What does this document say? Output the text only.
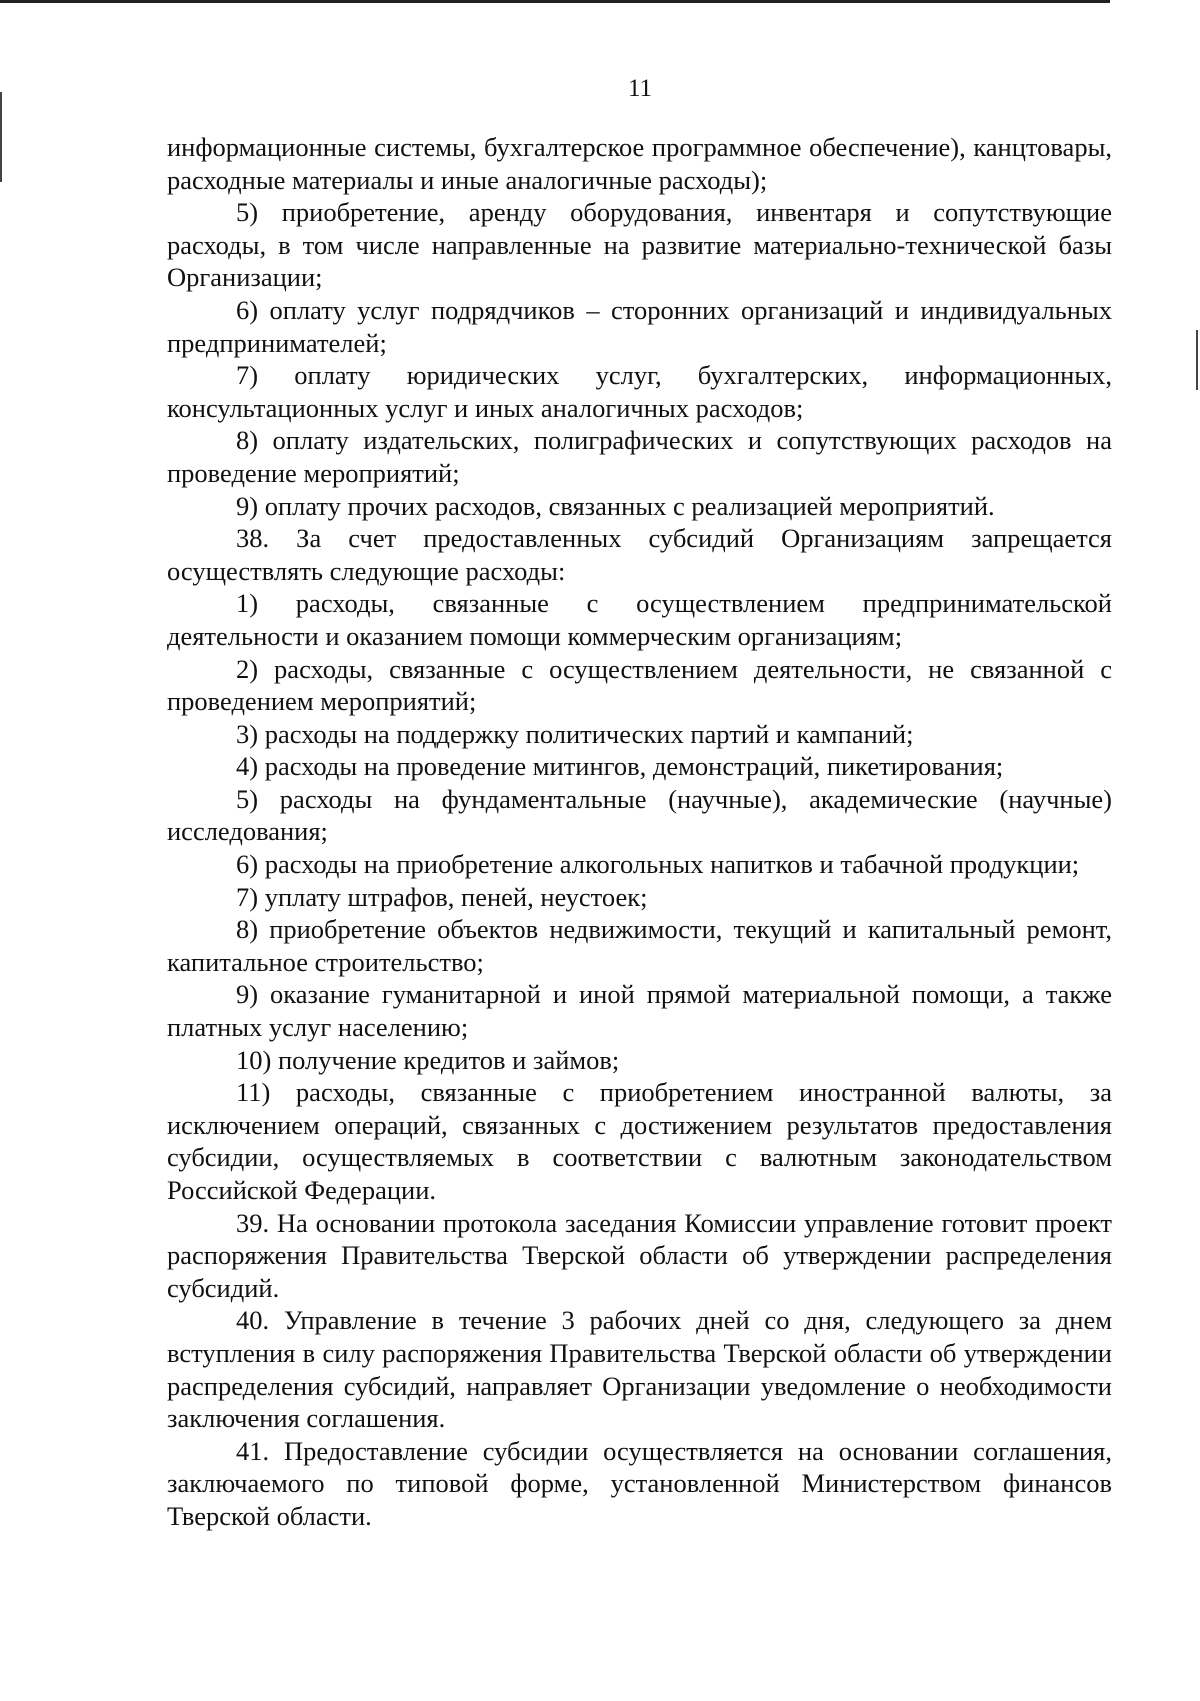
11

информационные системы, бухгалтерское программное обеспечение), канцтовары, расходные материалы и иные аналогичные расходы);

5) приобретение, аренду оборудования, инвентаря и сопутствующие расходы, в том числе направленные на развитие материально-технической базы Организации;

6) оплату услуг подрядчиков – сторонних организаций и индивидуальных предпринимателей;

7) оплату юридических услуг, бухгалтерских, информационных, консультационных услуг и иных аналогичных расходов;

8) оплату издательских, полиграфических и сопутствующих расходов на проведение мероприятий;

9) оплату прочих расходов, связанных с реализацией мероприятий.

38. За счет предоставленных субсидий Организациям запрещается осуществлять следующие расходы:

1) расходы, связанные с осуществлением предпринимательской деятельности и оказанием помощи коммерческим организациям;

2) расходы, связанные с осуществлением деятельности, не связанной с проведением мероприятий;

3) расходы на поддержку политических партий и кампаний;

4) расходы на проведение митингов, демонстраций, пикетирования;

5) расходы на фундаментальные (научные), академические (научные) исследования;

6) расходы на приобретение алкогольных напитков и табачной продукции;

7) уплату штрафов, пеней, неустоек;

8) приобретение объектов недвижимости, текущий и капитальный ремонт, капитальное строительство;

9) оказание гуманитарной и иной прямой материальной помощи, а также платных услуг населению;

10) получение кредитов и займов;

11) расходы, связанные с приобретением иностранной валюты, за исключением операций, связанных с достижением результатов предоставления субсидии, осуществляемых в соответствии с валютным законодательством Российской Федерации.

39. На основании протокола заседания Комиссии управление готовит проект распоряжения Правительства Тверской области об утверждении распределения субсидий.

40. Управление в течение 3 рабочих дней со дня, следующего за днем вступления в силу распоряжения Правительства Тверской области об утверждении распределения субсидий, направляет Организации уведомление о необходимости заключения соглашения.

41. Предоставление субсидии осуществляется на основании соглашения, заключаемого по типовой форме, установленной Министерством финансов Тверской области.
